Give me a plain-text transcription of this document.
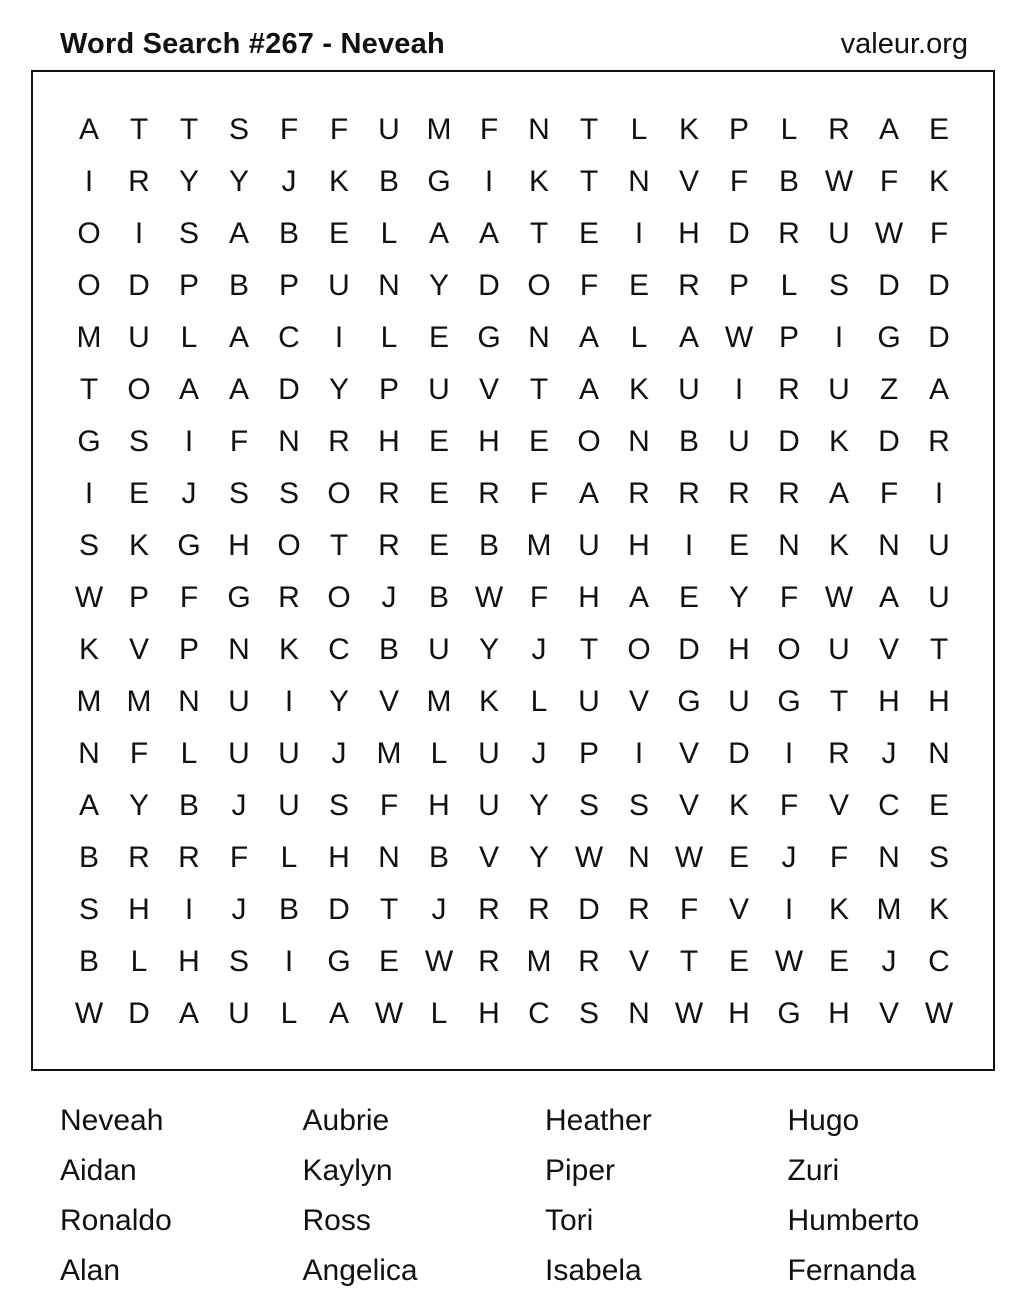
Word Search #267 - Neveah	valeur.org
A	T	T	S	F	F	U M F	N	T	L	K P	L	R A E
I	R Y Y	J	K B G	I	K	T	N V	F	B W F	K
O	I	S A B E	L	A A	T	E	I	H D R U W F
O D P B P U N Y D O F	E R P	L	S D D
M U	L	A C	I	L	E G N A	L	A W P	I	G D
T O A A D Y P U V	T	A K U	I	R U	Z	A
G S	I	F	N R H E H E O N B U D K D R
I	E	J	S S O R E R	F	A R R R R A	F	I
S K G H O T	R E B M U H	I	E N K N U
W P	F G R O	J	B W F	H A E Y	F W A U
K V P N K C B U Y	J	T O D H O U V	T
M M N U	I	Y V M K	L	U V G U G T	H H
N	F	L	U U	J	M L	U	J	P	I	V D	I	R	J	N
A Y B	J	U S	F	H U Y S S V K	F	V C E
B R R	F	L	H N B V Y W N W E	J	F	N S
S H	I	J	B D	T	J	R R D R	F	V	I	K M K
B	L	H S	I	G E W R M R V	T	E W E	J	C
W D A U	L	A W L	H C S N W H G H V W
Neveah	Aubrie	Heather	Hugo
Aidan	Kaylyn	Piper	Zuri
Ronaldo	Ross	Tori	Humberto
Alan	Angelica	Isabela	Fernanda
